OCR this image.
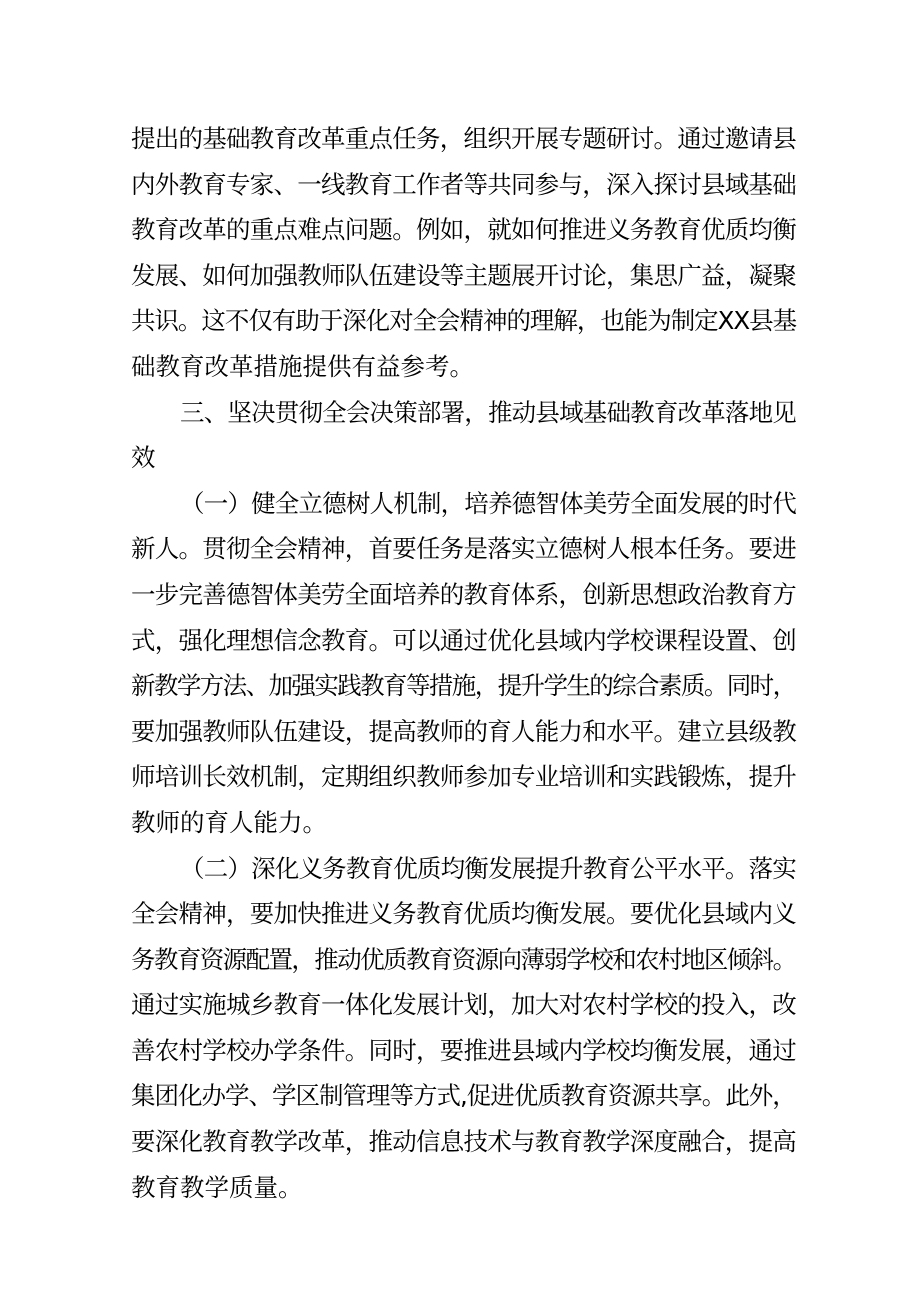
提出的基础教育改革重点任务，组织开展专题研讨。通过邀请县
内外教育专家、一线教育工作者等共同参与，深入探讨县域基础
教育改革的重点难点问题。例如，就如何推进义务教育优质均衡
发展、如何加强教师队伍建设等主题展开讨论，集思广益，凝聚
共识。这不仅有助于深化对全会精神的理解，也能为制定XX县基
础教育改革措施提供有益参考。
三、坚决贯彻全会决策部署，推动县域基础教育改革落地见
效
（一）健全立德树人机制，培养德智体美劳全面发展的时代
新人。贯彻全会精神，首要任务是落实立德树人根本任务。要进
一步完善德智体美劳全面培养的教育体系，创新思想政治教育方
式，强化理想信念教育。可以通过优化县域内学校课程设置、创
新教学方法、加强实践教育等措施，提升学生的综合素质。同时，
要加强教师队伍建设，提高教师的育人能力和水平。建立县级教
师培训长效机制，定期组织教师参加专业培训和实践锻炼，提升
教师的育人能力。
（二）深化义务教育优质均衡发展提升教育公平水平。落实
全会精神，要加快推进义务教育优质均衡发展。要优化县域内义
务教育资源配置，推动优质教育资源向薄弱学校和农村地区倾斜。
通过实施城乡教育一体化发展计划，加大对农村学校的投入，改
善农村学校办学条件。同时，要推进县域内学校均衡发展，通过
集团化办学、学区制管理等方式,促进优质教育资源共享。此外，
要深化教育教学改革，推动信息技术与教育教学深度融合，提高
教育教学质量。
